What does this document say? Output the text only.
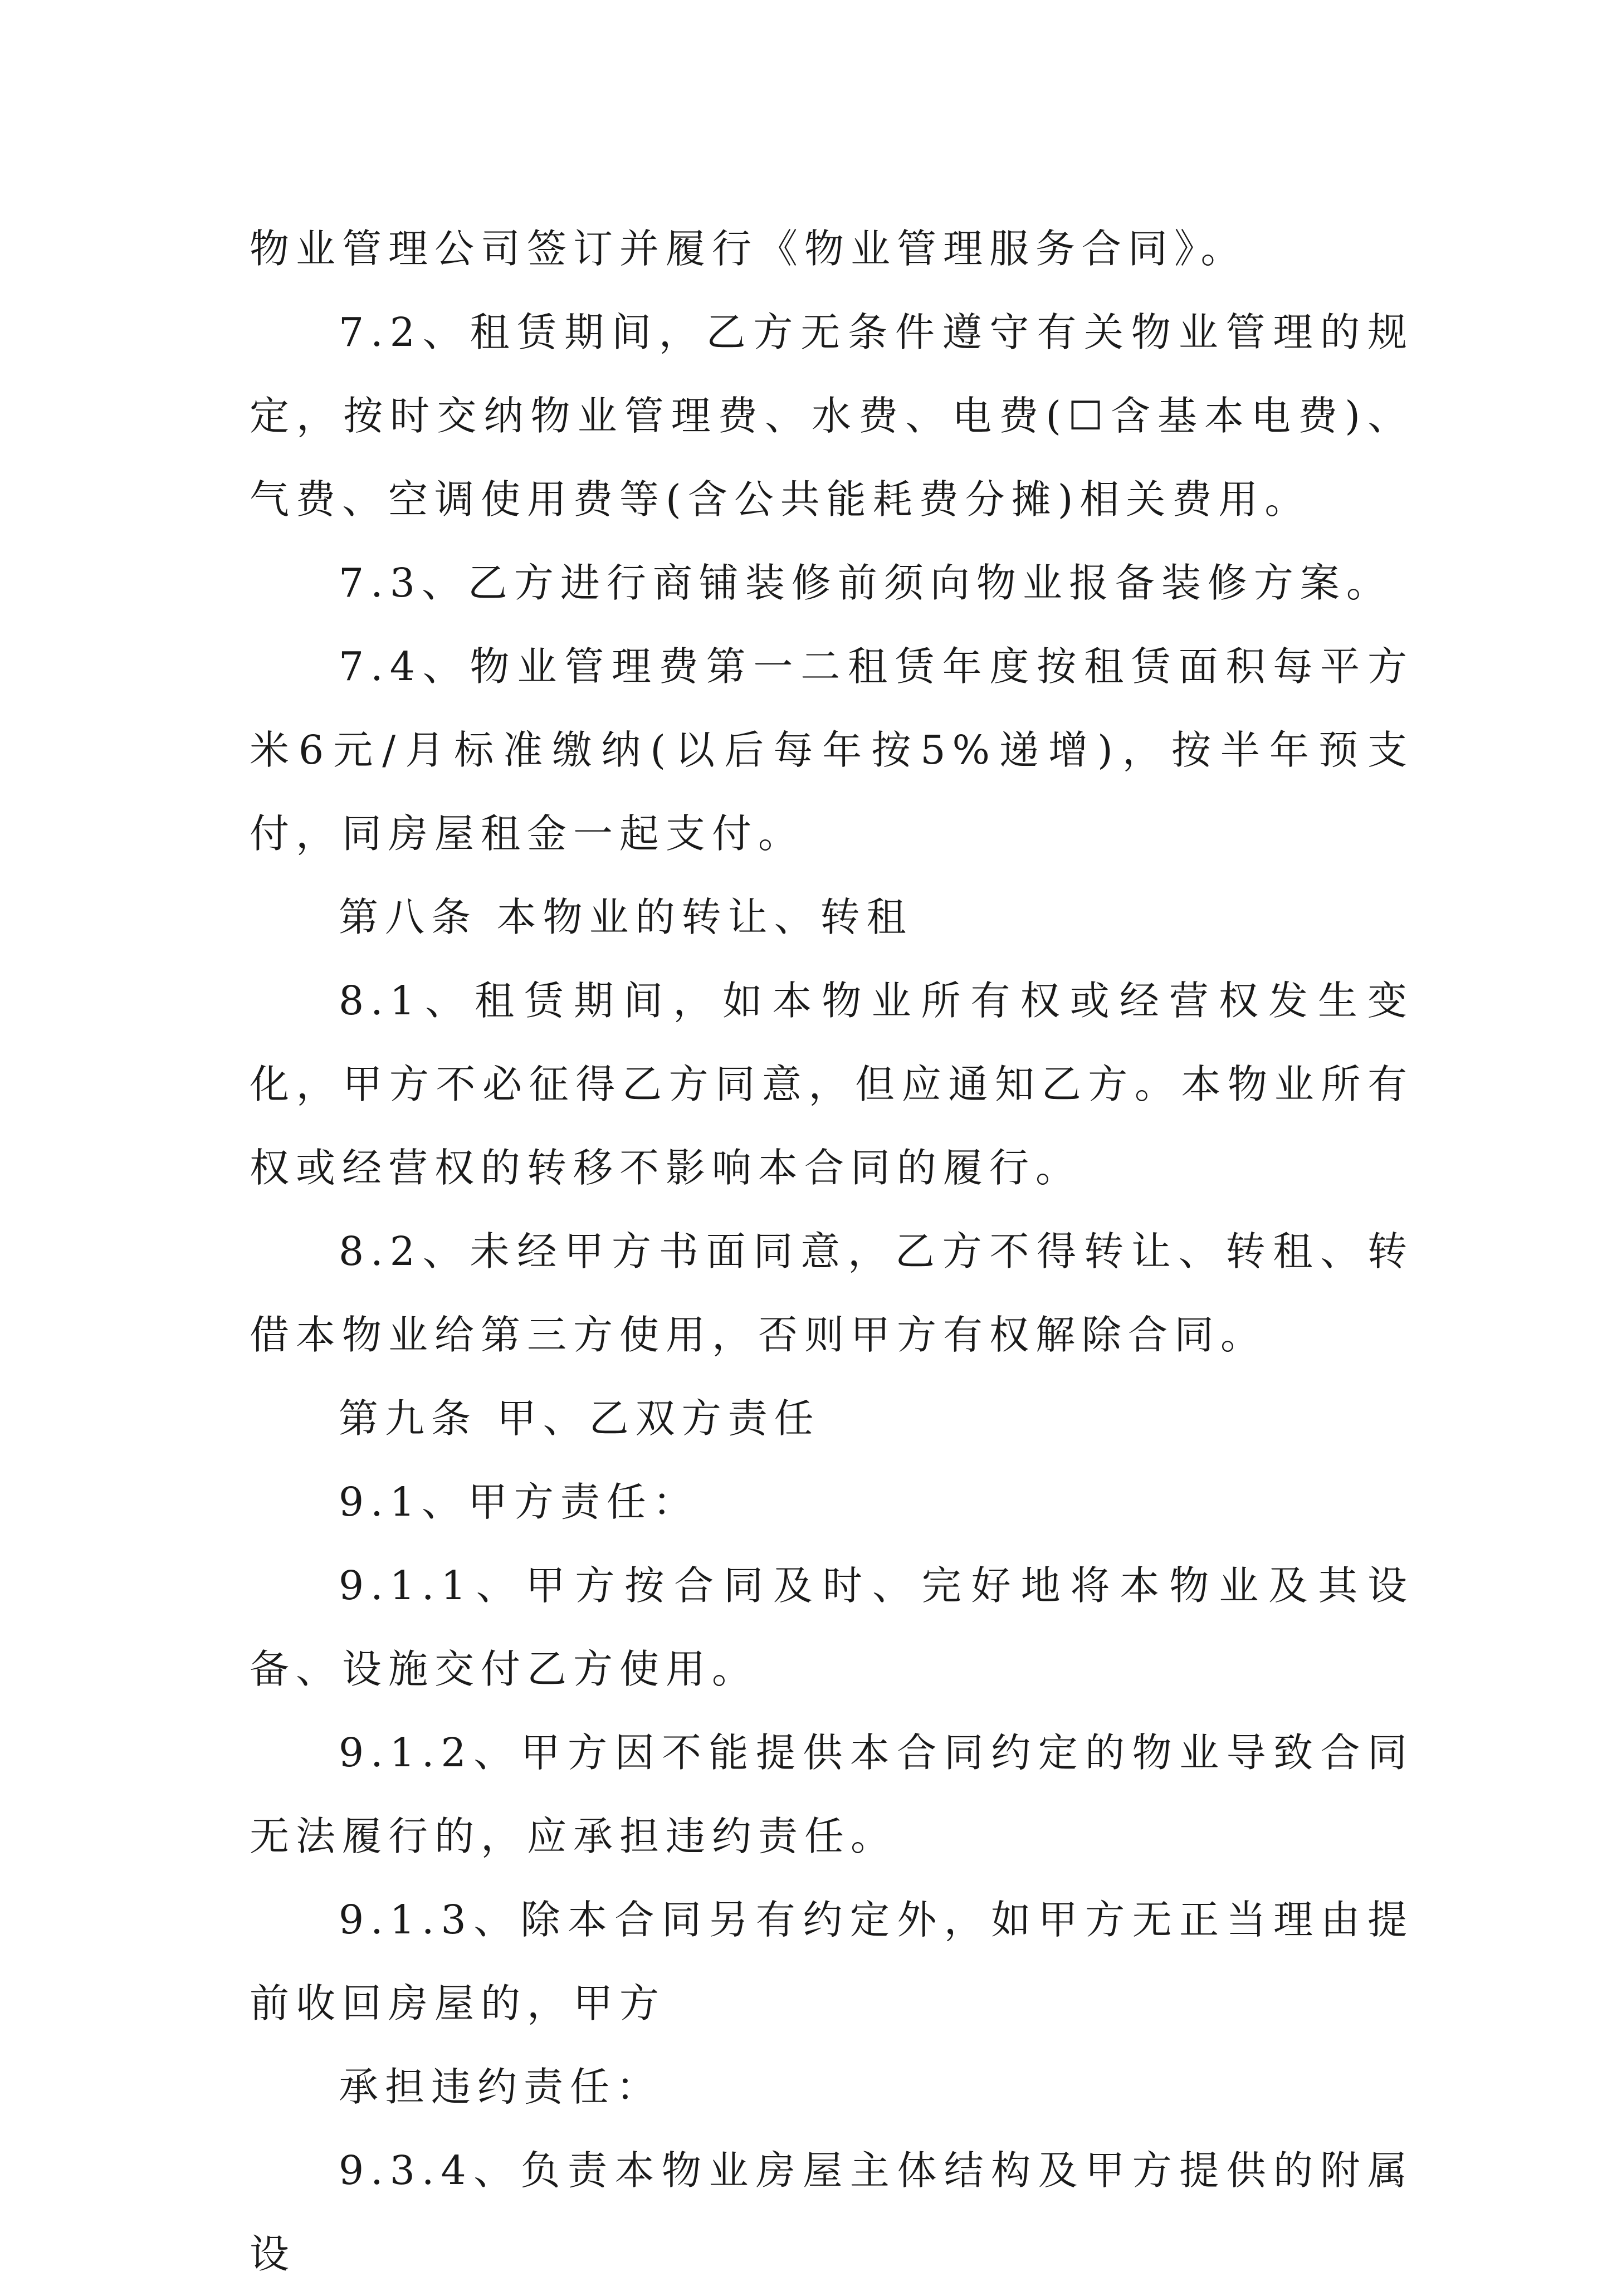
物业管理公司签订并履行《物业管理服务合同》。

7.2、租赁期间，乙方无条件遵守有关物业管理的规定，按时交纳物业管理费、水费、电费(☐含基本电费)、气费、空调使用费等(含公共能耗费分摊)相关费用。

7.3、乙方进行商铺装修前须向物业报备装修方案。

7.4、物业管理费第一二租赁年度按租赁面积每平方米6元/月标准缴纳(以后每年按5%递增)，按半年预支付，同房屋租金一起支付。

第八条 本物业的转让、转租

8.1、租赁期间，如本物业所有权或经营权发生变化，甲方不必征得乙方同意，但应通知乙方。本物业所有权或经营权的转移不影响本合同的履行。

8.2、未经甲方书面同意，乙方不得转让、转租、转借本物业给第三方使用，否则甲方有权解除合同。

第九条 甲、乙双方责任

9.1、甲方责任：

9.1.1、甲方按合同及时、完好地将本物业及其设备、设施交付乙方使用。

9.1.2、甲方因不能提供本合同约定的物业导致合同无法履行的，应承担违约责任。

9.1.3、除本合同另有约定外，如甲方无正当理由提前收回房屋的，甲方

承担违约责任：

9.3.4、负责本物业房屋主体结构及甲方提供的附属设
